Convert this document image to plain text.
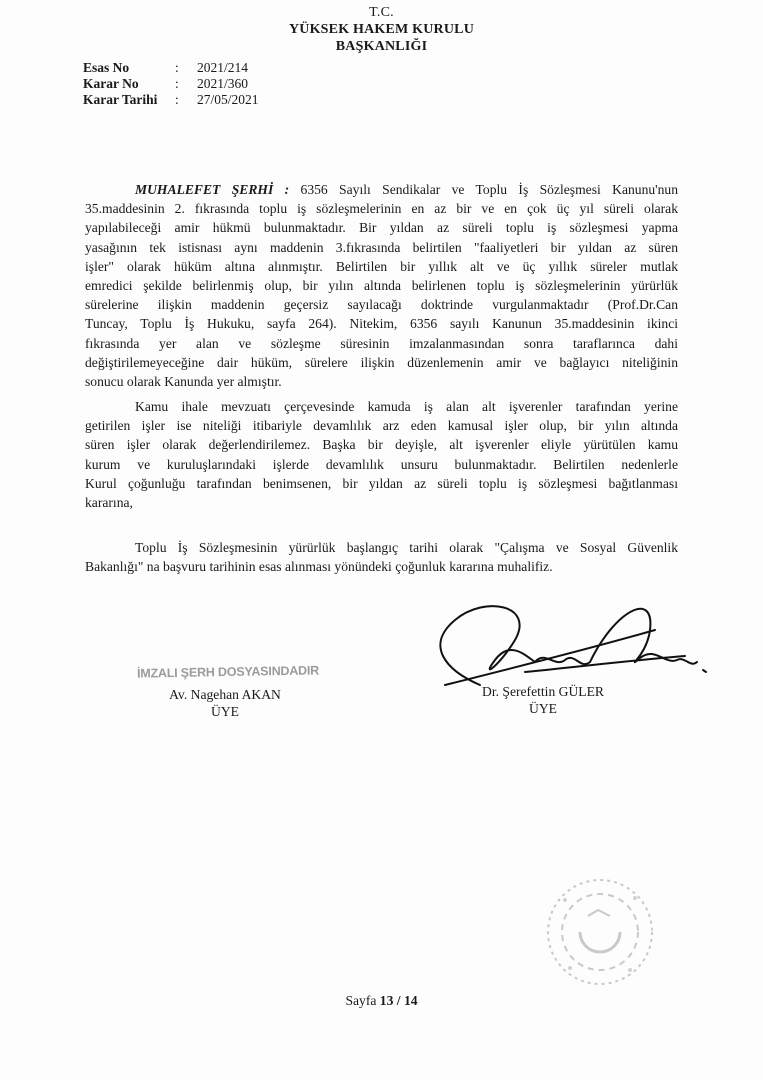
T.C.
YÜKSEK HAKEM KURULU
BAŞKANLIĞI
Esas No	:	2021/214
Karar No	:	2021/360
Karar Tarihi	:	27/05/2021
MUHALEFET ŞERHİ : 6356 Sayılı Sendikalar ve Toplu İş Sözleşmesi Kanunu'nun
35.maddesinin 2. fıkrasında toplu iş sözleşmelerinin en az bir ve en çok üç yıl süreli olarak
yapılabileceği amir hükmü bulunmaktadır. Bir yıldan az süreli toplu iş sözleşmesi yapma
yasağının tek istisnası aynı maddenin 3.fıkrasında belirtilen "faaliyetleri bir yıldan az süren
işler" olarak hüküm altına alınmıştır. Belirtilen bir yıllık alt ve üç yıllık süreler mutlak
emredici şekilde belirlenmiş olup, bir yılın altında belirlenen toplu iş sözleşmelerinin yürürlük
sürelerine ilişkin maddenin geçersiz sayılacağı doktrinde vurgulanmaktadır (Prof.Dr.Can
Tuncay, Toplu İş Hukuku, sayfa 264). Nitekim, 6356 sayılı Kanunun 35.maddesinin ikinci
fıkrasında yer alan ve sözleşme süresinin imzalanmasından sonra taraflarınca dahi
değiştirilemeyeceğine dair hüküm, sürelere ilişkin düzenlemenin amir ve bağlayıcı niteliğinin
sonucu olarak Kanunda yer almıştır.
Kamu ihale mevzuatı çerçevesinde kamuda iş alan alt işverenler tarafından yerine
getirilen işler ise niteliği itibariyle devamlılık arz eden kamusal işler olup, bir yılın altında
süren işler olarak değerlendirilemez. Başka bir deyişle, alt işverenler eliyle yürütülen kamu
kurum ve kuruluşlarındaki işlerde devamlılık unsuru bulunmaktadır. Belirtilen nedenlerle
Kurul çoğunluğu tarafından benimsenen, bir yıldan az süreli toplu iş sözleşmesi bağıtlanması
kararına,
Toplu İş Sözleşmesinin yürürlük başlangıç tarihi olarak "Çalışma ve Sosyal Güvenlik
Bakanlığı" na başvuru tarihinin esas alınması yönündeki çoğunluk kararına muhalifiz.
İMZALI ŞERH DOSYASINDADIR
Av. Nagehan AKAN
ÜYE
Dr. Şerefettin GÜLER
ÜYE
Sayfa 13 / 14
